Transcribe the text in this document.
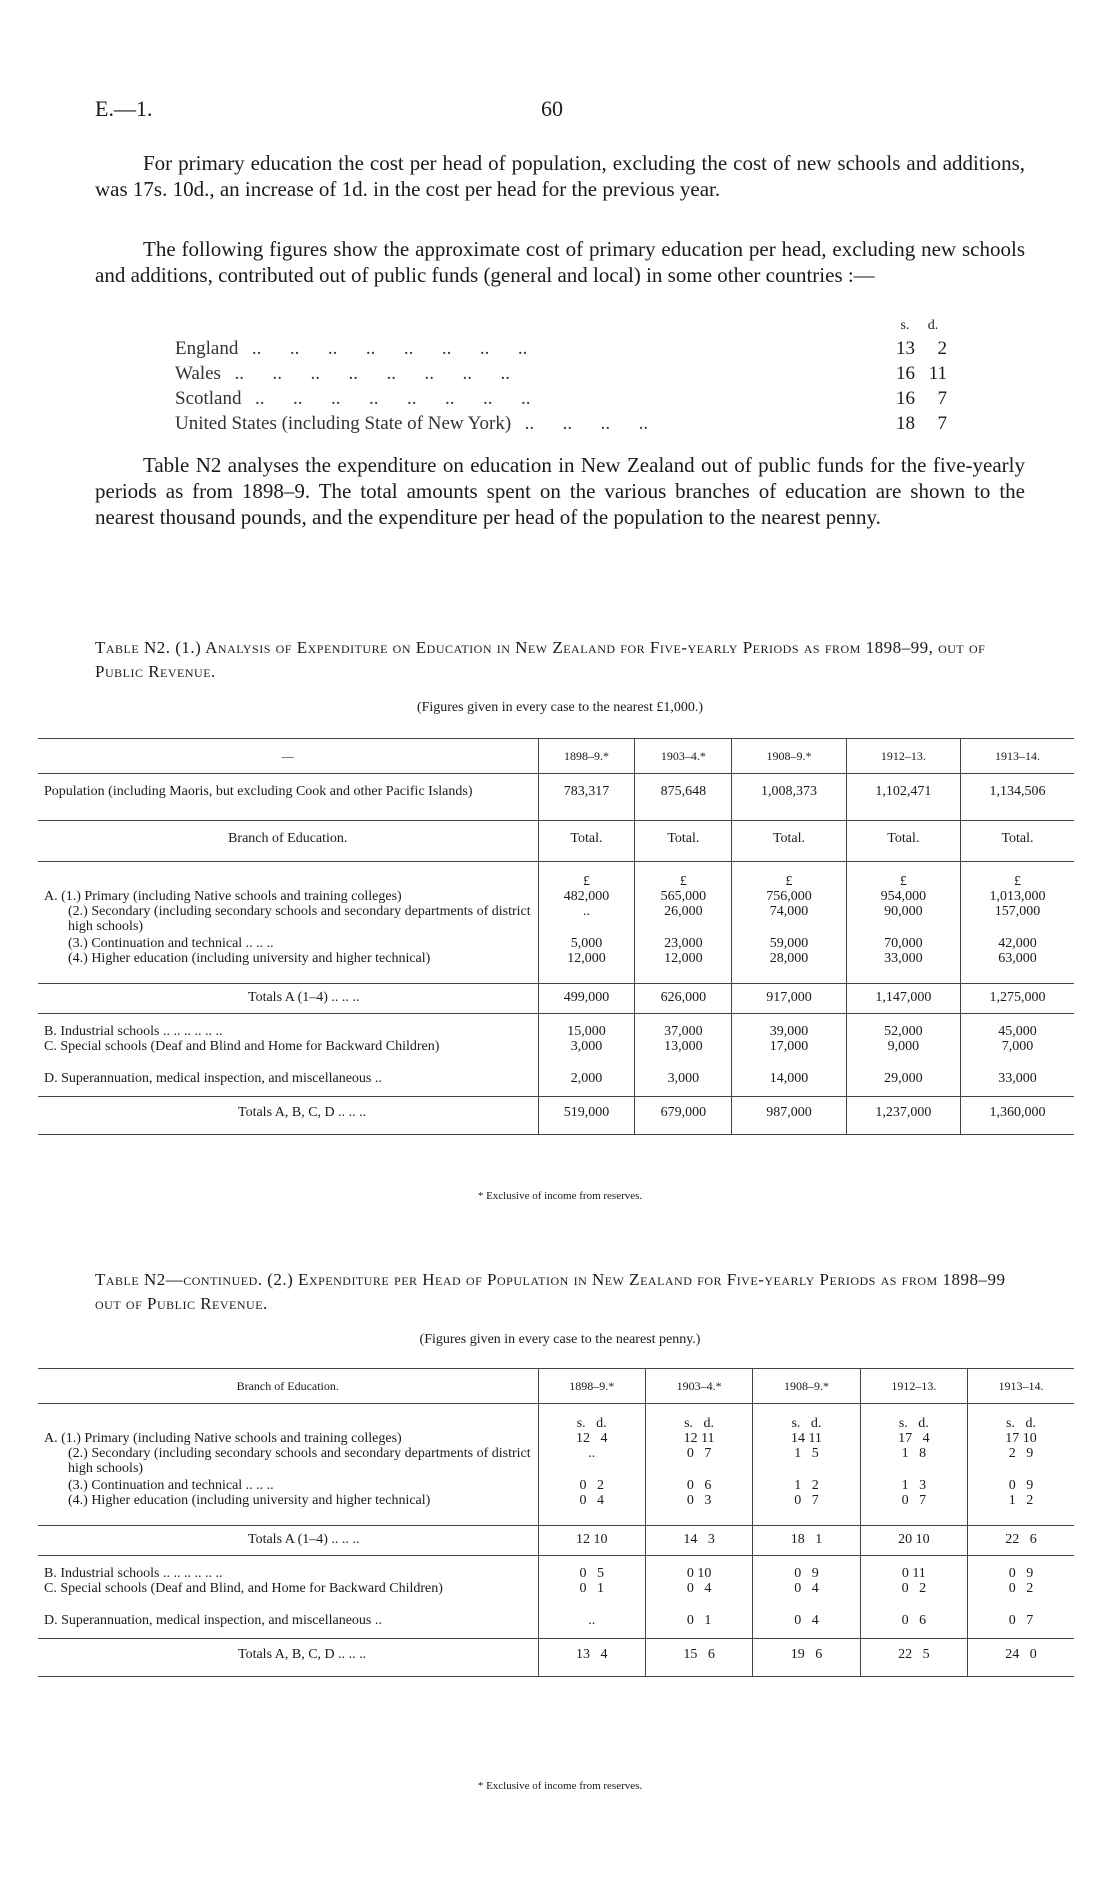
E.—1.	60

For primary education the cost per head of population, excluding the cost of new schools and additions, was 17s. 10d., an increase of 1d. in the cost per head for the previous year.

The following figures show the approximate cost of primary education per head, excluding new schools and additions, contributed out of public funds (general and local) in some other countries :—

s. d.
England  ..      ..      ..      ..      ..      ..      ..      ..	13	2
Wales  ..      ..      ..      ..      ..      ..      ..      ..	16 11
Scotland  ..      ..      ..      ..      ..      ..      ..      ..	16	7
United States (including State of New York)  ..      ..      ..      ..	18	7

Table N2 analyses the expenditure on education in New Zealand out of public funds for the five-yearly periods as from 1898–9. The total amounts spent on the various branches of education are shown to the nearest thousand pounds, and the expenditure per head of the population to the nearest penny.

Table N2. (1.) Analysis of Expenditure on Education in New Zealand for Five-yearly Periods as from 1898–99, out of Public Revenue.

(Figures given in every case to the nearest £1,000.)
—	1898–9.*	1903–4.*	1908–9.*	1912–13.	1913–14.
Population (including Maoris, but excluding Cook and other Pacific Islands)	783,317	875,648	1,008,373	1,102,471	1,134,506
Branch of Education.	Total.	Total.	Total.	Total.	Total.
	£	£	£	£	£
A. (1.) Primary (including Native schools and training colleges)	482,000	565,000	756,000	954,000	1,013,000
(2.) Secondary (including secondary schools and secondary departments of district high schools)	..	26,000	74,000	90,000	157,000
(3.) Continuation and technical .. .. ..	5,000	23,000	59,000	70,000	42,000
(4.) Higher education (including university and higher technical)	12,000	12,000	28,000	33,000	63,000
Totals A (1–4) .. .. ..	499,000	626,000	917,000	1,147,000	1,275,000
B. Industrial schools .. .. .. .. .. ..	15,000	37,000	39,000	52,000	45,000
C. Special schools (Deaf and Blind and Home for Backward Children)	3,000	13,000	17,000	9,000	7,000
D. Superannuation, medical inspection, and miscellaneous ..	2,000	3,000	14,000	29,000	33,000
Totals A, B, C, D .. .. ..	519,000	679,000	987,000	1,237,000	1,360,000
* Exclusive of income from reserves.

Table N2—continued. (2.) Expenditure per Head of Population in New Zealand for Five-yearly Periods as from 1898–99 out of Public Revenue.

(Figures given in every case to the nearest penny.)
Branch of Education.	1898–9.*	1903–4.*	1908–9.*	1912–13.	1913–14.
	s.   d.	s.   d.	s.   d.	s.   d.	s.   d.
A. (1.) Primary (including Native schools and training colleges)	12   4	12 11	14 11	17   4	17 10
(2.) Secondary (including secondary schools and secondary departments of district high schools)	..	0   7	1   5	1   8	2   9
(3.) Continuation and technical .. .. ..	0   2	0   6	1   2	1   3	0   9
(4.) Higher education (including university and higher technical)	0   4	0   3	0   7	0   7	1   2
Totals A (1–4) .. .. ..	12 10	14   3	18   1	20 10	22   6
B. Industrial schools .. .. .. .. .. ..	0   5	0 10	0   9	0 11	0   9
C. Special schools (Deaf and Blind, and Home for Backward Children)	0   1	0   4	0   4	0   2	0   2
D. Superannuation, medical inspection, and miscellaneous ..	..	0   1	0   4	0   6	0   7
Totals A, B, C, D .. .. ..	13   4	15   6	19   6	22   5	24   0
* Exclusive of income from reserves.
